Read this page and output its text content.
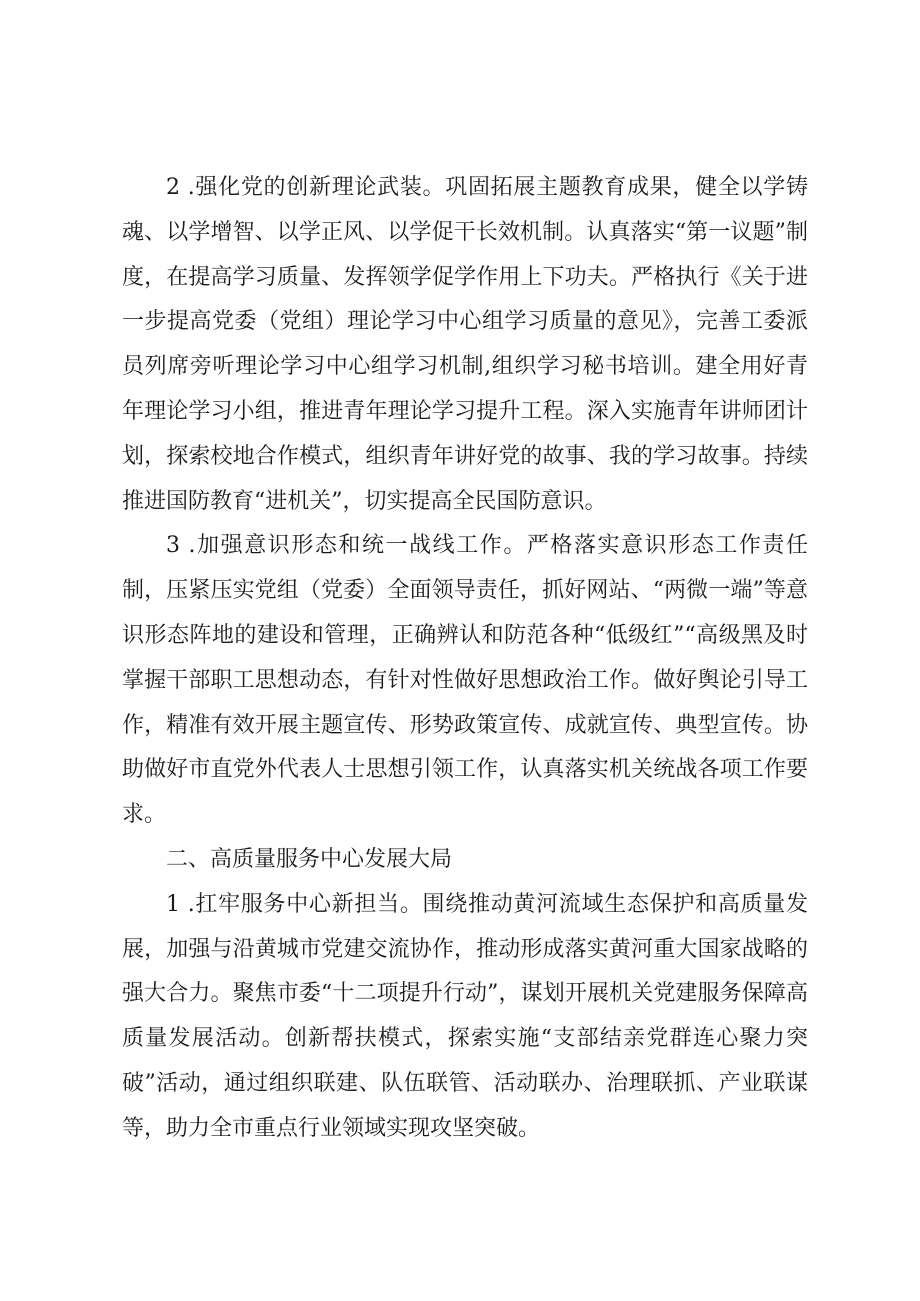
2 .强化党的创新理论武装。巩固拓展主题教育成果，健全以学铸魂、以学增智、以学正风、以学促干长效机制。认真落实“第一议题”制度，在提高学习质量、发挥领学促学作用上下功夫。严格执行《关于进一步提高党委（党组）理论学习中心组学习质量的意见》，完善工委派员列席旁听理论学习中心组学习机制,组织学习秘书培训。建全用好青年理论学习小组，推进青年理论学习提升工程。深入实施青年讲师团计划，探索校地合作模式，组织青年讲好党的故事、我的学习故事。持续推进国防教育“进机关”，切实提高全民国防意识。

3 .加强意识形态和统一战线工作。严格落实意识形态工作责任制，压紧压实党组（党委）全面领导责任，抓好网站、“两微一端”等意识形态阵地的建设和管理，正确辨认和防范各种“低级红”“高级黑及时掌握干部职工思想动态，有针对性做好思想政治工作。做好舆论引导工作，精准有效开展主题宣传、形势政策宣传、成就宣传、典型宣传。协助做好市直党外代表人士思想引领工作，认真落实机关统战各项工作要求。

二、高质量服务中心发展大局

1 .扛牢服务中心新担当。围绕推动黄河流域生态保护和高质量发展，加强与沿黄城市党建交流协作，推动形成落实黄河重大国家战略的强大合力。聚焦市委“十二项提升行动”，谋划开展机关党建服务保障高质量发展活动。创新帮扶模式，探索实施“支部结亲党群连心聚力突破”活动，通过组织联建、队伍联管、活动联办、治理联抓、产业联谋等，助力全市重点行业领域实现攻坚突破。
